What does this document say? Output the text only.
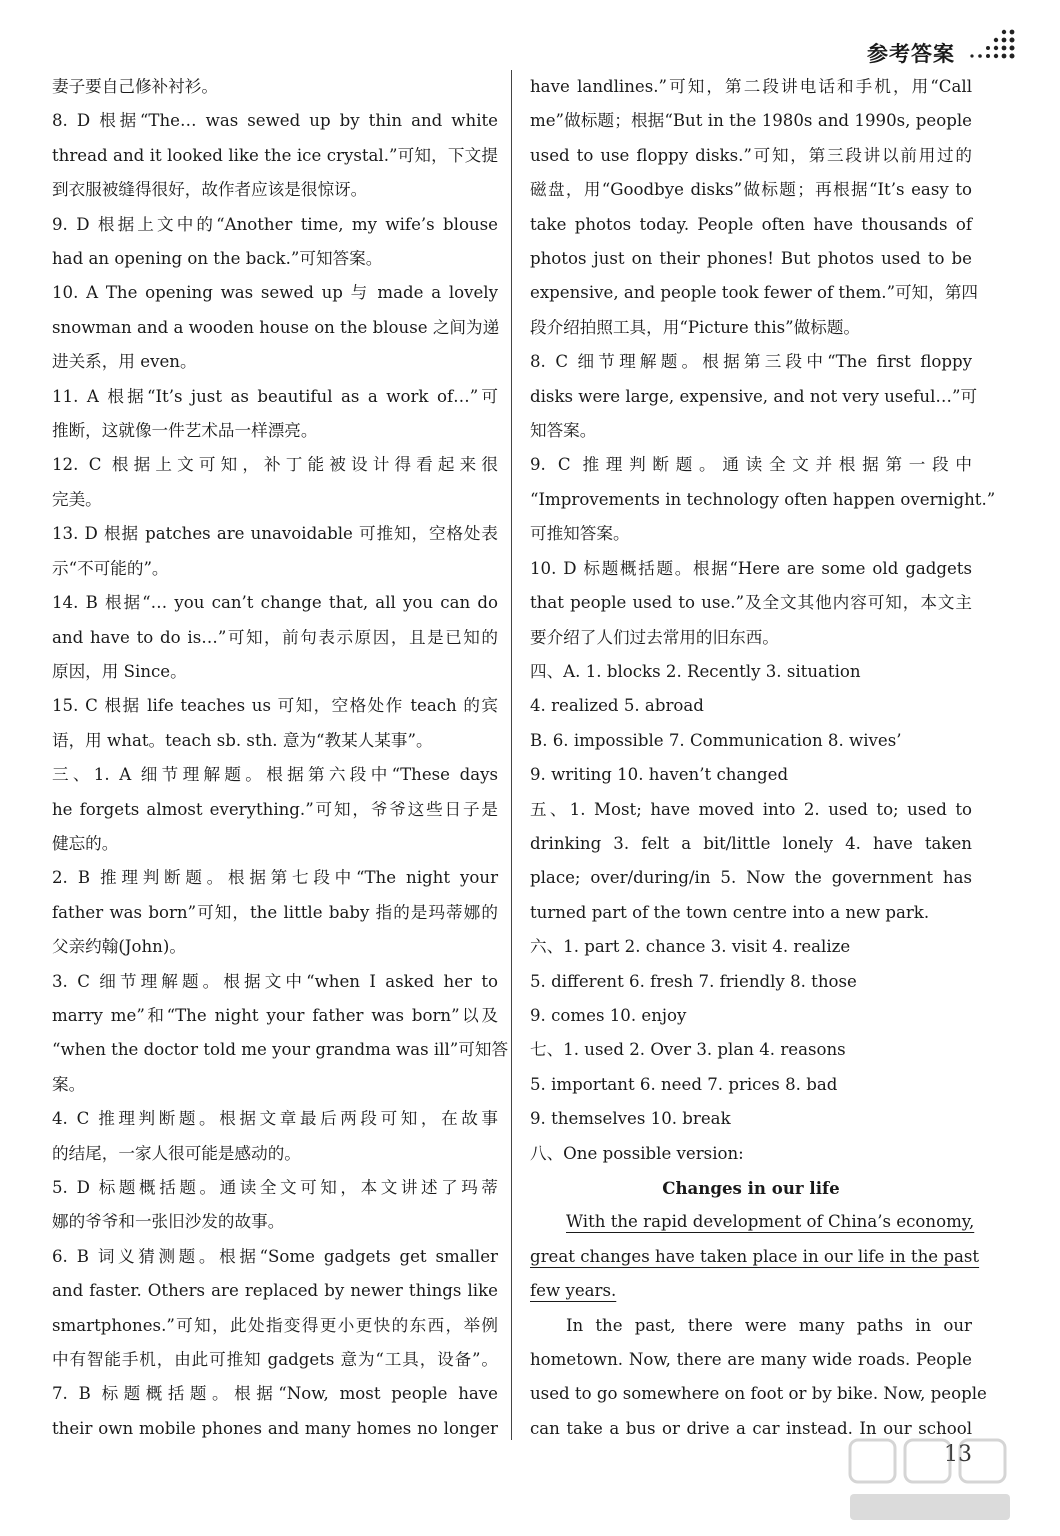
参考答案
妻子要自己修补衬衫。
8. D 根据“The… was sewed up by thin and white
thread and it looked like the ice crystal.”可知，下文提
到衣服被缝得很好，故作者应该是很惊讶。
9. D 根据上文中的“Another time, my wife’s blouse
had an opening on the back.”可知答案。
10. A The opening was sewed up 与 made a lovely
snowman and a wooden house on the blouse 之间为递
进关系，用 even。
11. A 根据“It’s just as beautiful as a work of…”可
推断，这就像一件艺术品一样漂亮。
12. C 根据上文可知，补丁能被设计得看起来很
完美。
13. D 根据 patches are unavoidable 可推知，空格处表
示“不可能的”。
14. B 根据“… you can’t change that, all you can do
and have to do is…”可知，前句表示原因，且是已知的
原因，用 Since。
15. C 根据 life teaches us 可知，空格处作 teach 的宾
语，用 what。teach sb. sth. 意为“教某人某事”。
三、1. A 细节理解题。根据第六段中“These days
he forgets almost everything.”可知，爷爷这些日子是
健忘的。
2. B 推理判断题。根据第七段中“The night your
father was born”可知，the little baby 指的是玛蒂娜的
父亲约翰(John)。
3. C 细节理解题。根据文中“when I asked her to
marry me”和“The night your father was born”以及
“when the doctor told me your grandma was ill”可知答
案。
4. C 推理判断题。根据文章最后两段可知，在故事
的结尾，一家人很可能是感动的。
5. D 标题概括题。通读全文可知，本文讲述了玛蒂
娜的爷爷和一张旧沙发的故事。
6. B 词义猜测题。根据“Some gadgets get smaller
and faster. Others are replaced by newer things like
smartphones.”可知，此处指变得更小更快的东西，举例
中有智能手机，由此可推知 gadgets 意为“工具，设备”。
7. B 标题概括题。根据“Now, most people have
their own mobile phones and many homes no longer
have landlines.”可知，第二段讲电话和手机，用“Call
me”做标题；根据“But in the 1980s and 1990s, people
used to use floppy disks.”可知，第三段讲以前用过的
磁盘，用“Goodbye disks”做标题；再根据“It’s easy to
take photos today. People often have thousands of
photos just on their phones! But photos used to be
expensive, and people took fewer of them.”可知，第四
段介绍拍照工具，用“Picture this”做标题。
8. C 细节理解题。根据第三段中“The first floppy
disks were large, expensive, and not very useful…”可
知答案。
9. C 推理判断题。通读全文并根据第一段中
“Improvements in technology often happen overnight.”
可推知答案。
10. D 标题概括题。根据“Here are some old gadgets
that people used to use.”及全文其他内容可知，本文主
要介绍了人们过去常用的旧东西。
四、A. 1. blocks 2. Recently 3. situation
4. realized 5. abroad
B. 6. impossible 7. Communication 8. wives’
9. writing 10. haven’t changed
五、1. Most; have moved into 2. used to; used to
drinking 3. felt a bit/little lonely 4. have taken
place; over/during/in 5. Now the government has
turned part of the town centre into a new park.
六、1. part 2. chance 3. visit 4. realize
5. different 6. fresh 7. friendly 8. those
9. comes 10. enjoy
七、1. used 2. Over 3. plan 4. reasons
5. important 6. need 7. prices 8. bad
9. themselves 10. break
八、One possible version:
Changes in our life
With the rapid development of China’s economy,
great changes have taken place in our life in the past
few years.
In the past, there were many paths in our
hometown. Now, there are many wide roads. People
used to go somewhere on foot or by bike. Now, people
can take a bus or drive a car instead. In our school
13
